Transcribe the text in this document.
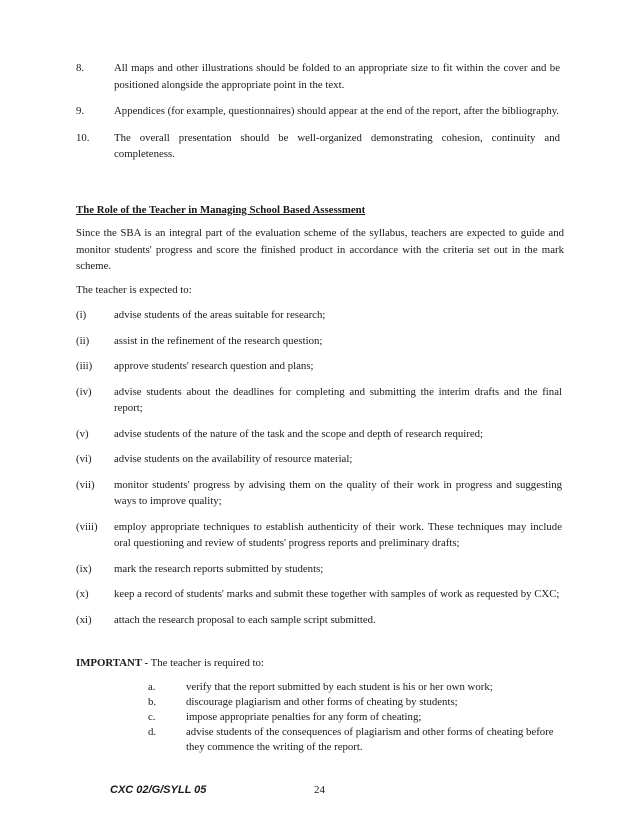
8.	All maps and other illustrations should be folded to an appropriate size to fit within the cover and be positioned alongside the appropriate point in the text.
9.	Appendices (for example, questionnaires) should appear at the end of the report, after the bibliography.
10.	The overall presentation should be well-organized demonstrating cohesion, continuity and completeness.
The Role of the Teacher in Managing School Based Assessment
Since the SBA is an integral part of the evaluation scheme of the syllabus, teachers are expected to guide and monitor students' progress and score the finished product in accordance with the criteria set out in the mark scheme.
The teacher is expected to:
(i)	advise students of the areas suitable for research;
(ii)	assist in the refinement of the research question;
(iii)	approve students' research question and plans;
(iv)	advise students about the deadlines for completing and submitting the interim drafts and the final report;
(v)	advise students of the nature of the task and the scope and depth of research required;
(vi)	advise students on the availability of resource material;
(vii)	monitor students' progress by advising them on the quality of their work in progress and suggesting ways to improve quality;
(viii)	employ appropriate techniques to establish authenticity of their work. These techniques may include oral questioning and review of students' progress reports and preliminary drafts;
(ix)	mark the research reports submitted by students;
(x)	keep a record of students' marks and submit these together with samples of work as requested by CXC;
(xi)	attach the research proposal to each sample script submitted.
IMPORTANT - The teacher is required to:
a.	verify that the report submitted by each student is his or her own work;
b.	discourage plagiarism and other forms of cheating by students;
c.	impose appropriate penalties for any form of cheating;
d.	advise students of the consequences of plagiarism and other forms of cheating before they commence the writing of the report.
CXC 02/G/SYLL 05	24
